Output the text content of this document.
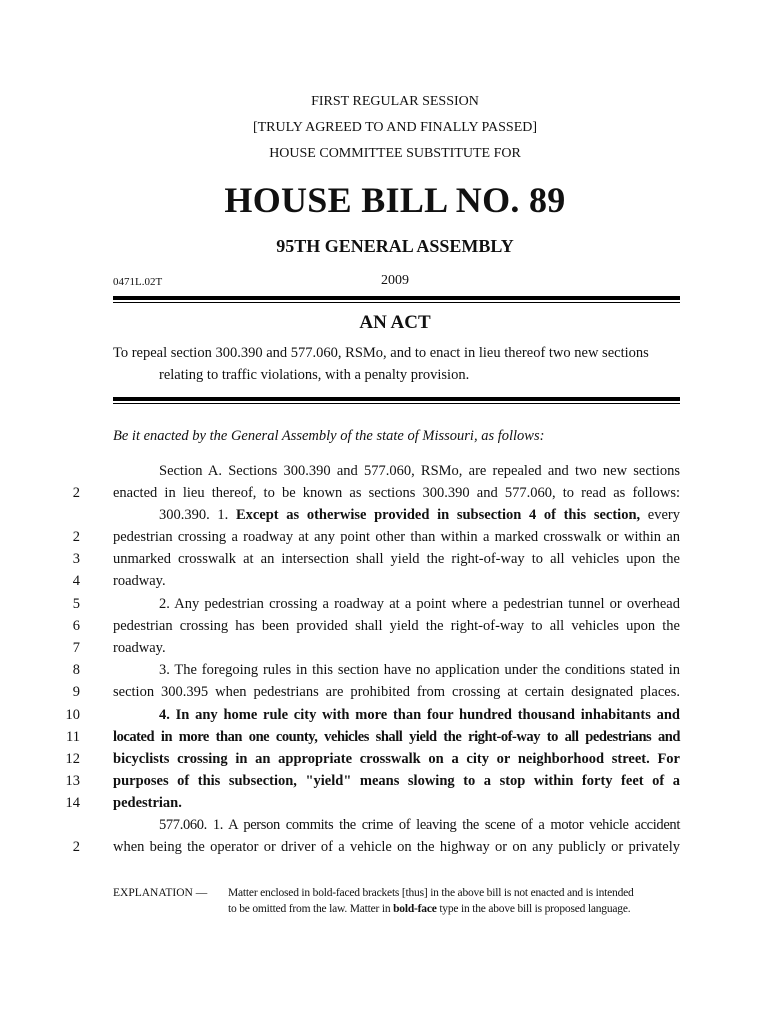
FIRST REGULAR SESSION
[TRULY AGREED TO AND FINALLY PASSED]
HOUSE COMMITTEE SUBSTITUTE FOR
HOUSE BILL NO. 89
95TH GENERAL ASSEMBLY
0471L.02T	2009
AN ACT
To repeal section 300.390 and 577.060, RSMo, and to enact in lieu thereof two new sections
relating to traffic violations, with a penalty provision.
Be it enacted by the General Assembly of the state of Missouri, as follows:
Section A. Sections 300.390 and 577.060, RSMo, are repealed and two new sections
2 enacted in lieu thereof, to be known as sections 300.390 and 577.060, to read as follows:
300.390. 1. Except as otherwise provided in subsection 4 of this section, every
2 pedestrian crossing a roadway at any point other than within a marked crosswalk or within an
3 unmarked crosswalk at an intersection shall yield the right-of-way to all vehicles upon the
4 roadway.
5	2. Any pedestrian crossing a roadway at a point where a pedestrian tunnel or overhead
6 pedestrian crossing has been provided shall yield the right-of-way to all vehicles upon the
7 roadway.
8	3. The foregoing rules in this section have no application under the conditions stated in
9 section 300.395 when pedestrians are prohibited from crossing at certain designated places.
10	4. In any home rule city with more than four hundred thousand inhabitants and
11 located in more than one county, vehicles shall yield the right-of-way to all pedestrians and
12 bicyclists crossing in an appropriate crosswalk on a city or neighborhood street. For
13 purposes of this subsection, "yield" means slowing to a stop within forty feet of a
14 pedestrian.
577.060. 1. A person commits the crime of leaving the scene of a motor vehicle accident
2 when being the operator or driver of a vehicle on the highway or on any publicly or privately
EXPLANATION — Matter enclosed in bold-faced brackets [thus] in the above bill is not enacted and is intended
to be omitted from the law. Matter in bold-face type in the above bill is proposed language.
